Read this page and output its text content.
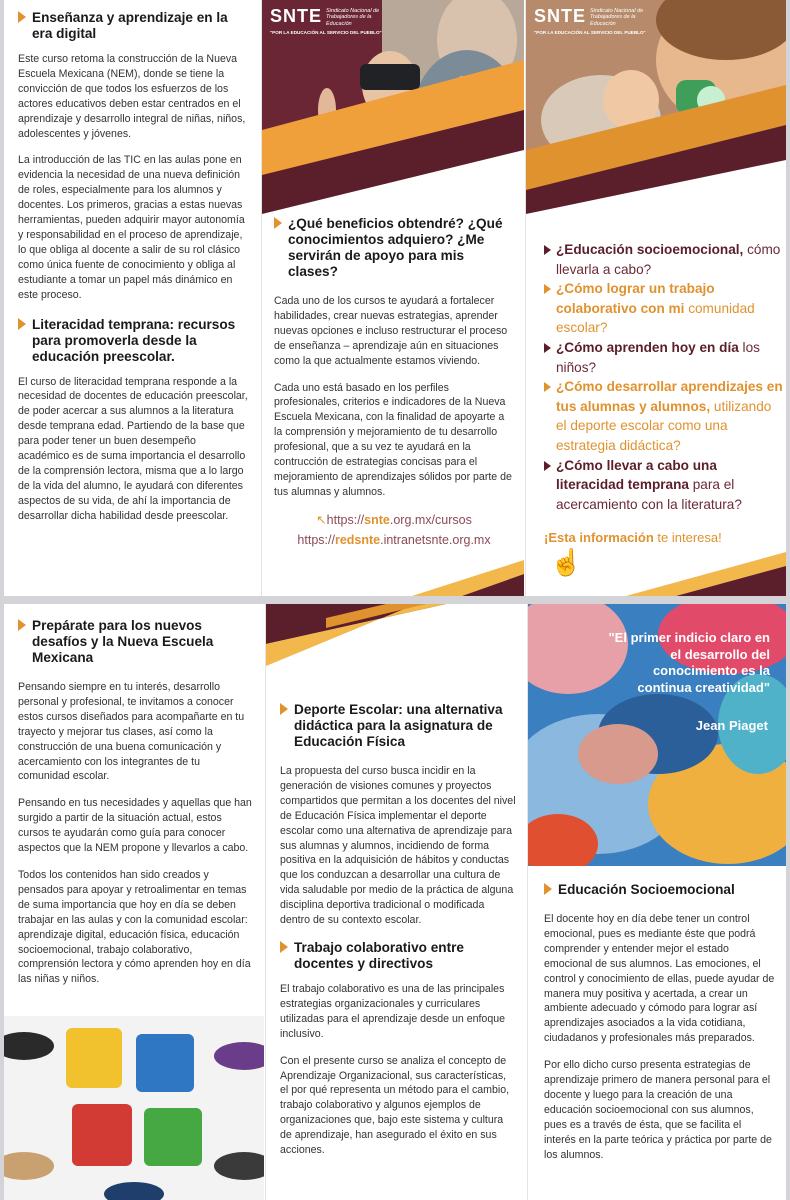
Enseñanza y aprendizaje en la era digital

Este curso retoma la construcción de la Nueva Escuela Mexicana (NEM), donde se tiene la convicción de que todos los esfuerzos de los actores educativos deben estar centrados en el aprendizaje y desarrollo integral de niñas, niños, adolescentes y jóvenes.

La introducción de las TIC en las aulas pone en evidencia la necesidad de una nueva definición de roles, especialmente para los alumnos y docentes. Los primeros, gracias a estas nuevas herramientas, pueden adquirir mayor autonomía y responsabilidad en el proceso de aprendizaje, lo que obliga al docente a salir de su rol clásico como única fuente de conocimiento y obliga al estudiante a tomar un papel más dinámico en este proceso.

Literacidad temprana: recursos para promoverla desde la educación preescolar.

El curso de literacidad temprana responde a la necesidad de docentes de educación preescolar, de poder acercar a sus alumnos a la literatura desde temprana edad. Partiendo de la base que para poder tener un buen desempeño académico es de suma importancia el desarrollo de la comprensión lectora, misma que a lo largo de la vida del alumno, le ayudará con diferentes aspectos de su vida, de ahí la importancia de desarrollar dicha habilidad desde preescolar.

SNTE Sindicato Nacional de Trabajadores de la Educación
"POR LA EDUCACIÓN AL SERVICIO DEL PUEBLO"
¿Qué beneficios obtendré? ¿Qué conocimientos adquiero? ¿Me servirán de apoyo para mis clases?

Cada uno de los cursos te ayudará a fortalecer habilidades, crear nuevas estrategias, aprender nuevas opciones e incluso restructurar el proceso de enseñanza – aprendizaje aún en situaciones como la que actualmente estamos viviendo.

Cada uno está basado en los perfiles profesionales, criterios e indicadores de la Nueva Escuela Mexicana, con la finalidad de apoyarte a la comprensión y mejoramiento de tu desarrollo profesional, que a su vez te ayudará en la contrucción de estrategias concisas para el mejoramiento de aprendizajes sólidos por parte de tus alumnas y alumnos.

↖https://snte.org.mx/cursos
https://redsnte.intranetsnte.org.mx
SNTE Sindicato Nacional de Trabajadores de la Educación
"POR LA EDUCACIÓN AL SERVICIO DEL PUEBLO"
¿Educación socioemocional, cómo llevarla a cabo?
¿Cómo lograr un trabajo colaborativo con mi comunidad escolar?
¿Cómo aprenden hoy en día los niños?
¿Cómo desarrollar aprendizajes en tus alumnas y alumnos, utilizando el deporte escolar como una estrategia didáctica?
¿Cómo llevar a cabo una literacidad temprana para el acercamiento con la literatura?
¡Esta información te interesa!
☝
Prepárate para los nuevos desafíos y la Nueva Escuela Mexicana

Pensando siempre en tu interés, desarrollo personal y profesional, te invitamos a conocer estos cursos diseñados para acompañarte en tu trayecto y mejorar tus clases, así como la construcción de una buena comunicación y acercamiento con los integrantes de tu comunidad escolar.

Pensando en tus necesidades y aquellas que han surgido a partir de la situación actual, estos cursos te ayudarán como guía para conocer aspectos que la NEM propone y llevarlos a cabo.

Todos los contenidos han sido creados y pensados para apoyar y retroalimentar en temas de suma importancia que hoy en día se deben trabajar en las aulas y con la comunidad escolar: aprendizaje digital, educación física, educación socioemocional, trabajo colaborativo, comprensión lectora y cómo aprenden hoy en día las niñas y niños.

Deporte Escolar: una alternativa didáctica para la asignatura de Educación Física

La propuesta del curso busca incidir en la generación de visiones comunes y proyectos compartidos que permitan a los docentes del nivel de Educación Física implementar el deporte escolar como una alternativa de aprendizaje para sus alumnas y alumnos, incidiendo de forma positiva en la adquisición de hábitos y conductas que los conduzcan a desarrollar una cultura de vida saludable por medio de la práctica de alguna disciplina deportiva tradicional o modificada dentro de su contexto escolar.

Trabajo colaborativo entre docentes y directivos

El trabajo colaborativo es una de las principales estrategias organizacionales y curriculares utilizadas para el aprendizaje desde un enfoque inclusivo.

Con el presente curso se analiza el concepto de Aprendizaje Organizacional, sus características, el por qué representa un método para el cambio, trabajo colaborativo y algunos ejemplos de organizaciones que, bajo este sistema y cultura de aprendizaje, han asegurado el éxito en sus acciones.

"El primer indicio claro en el desarrollo del conocimiento es la continua creatividad"
Jean Piaget
Educación Socioemocional

El docente hoy en día debe tener un control emocional, pues es mediante éste que podrá comprender y entender mejor el estado emocional de sus alumnos. Las emociones, el control y conocimiento de ellas, puede ayudar de manera muy positiva y acertada, a crear un ambiente adecuado y cómodo para lograr así aprendizajes asociados a la vida cotidiana, ciudadanos y profesionales más preparados.

Por ello dicho curso presenta estrategias de aprendizaje primero de manera personal para el docente y luego para la creación de una educación socioemocional con sus alumnos, pues es a través de ésta, que se facilita el interés en la parte teórica y práctica por parte de los alumnos.
